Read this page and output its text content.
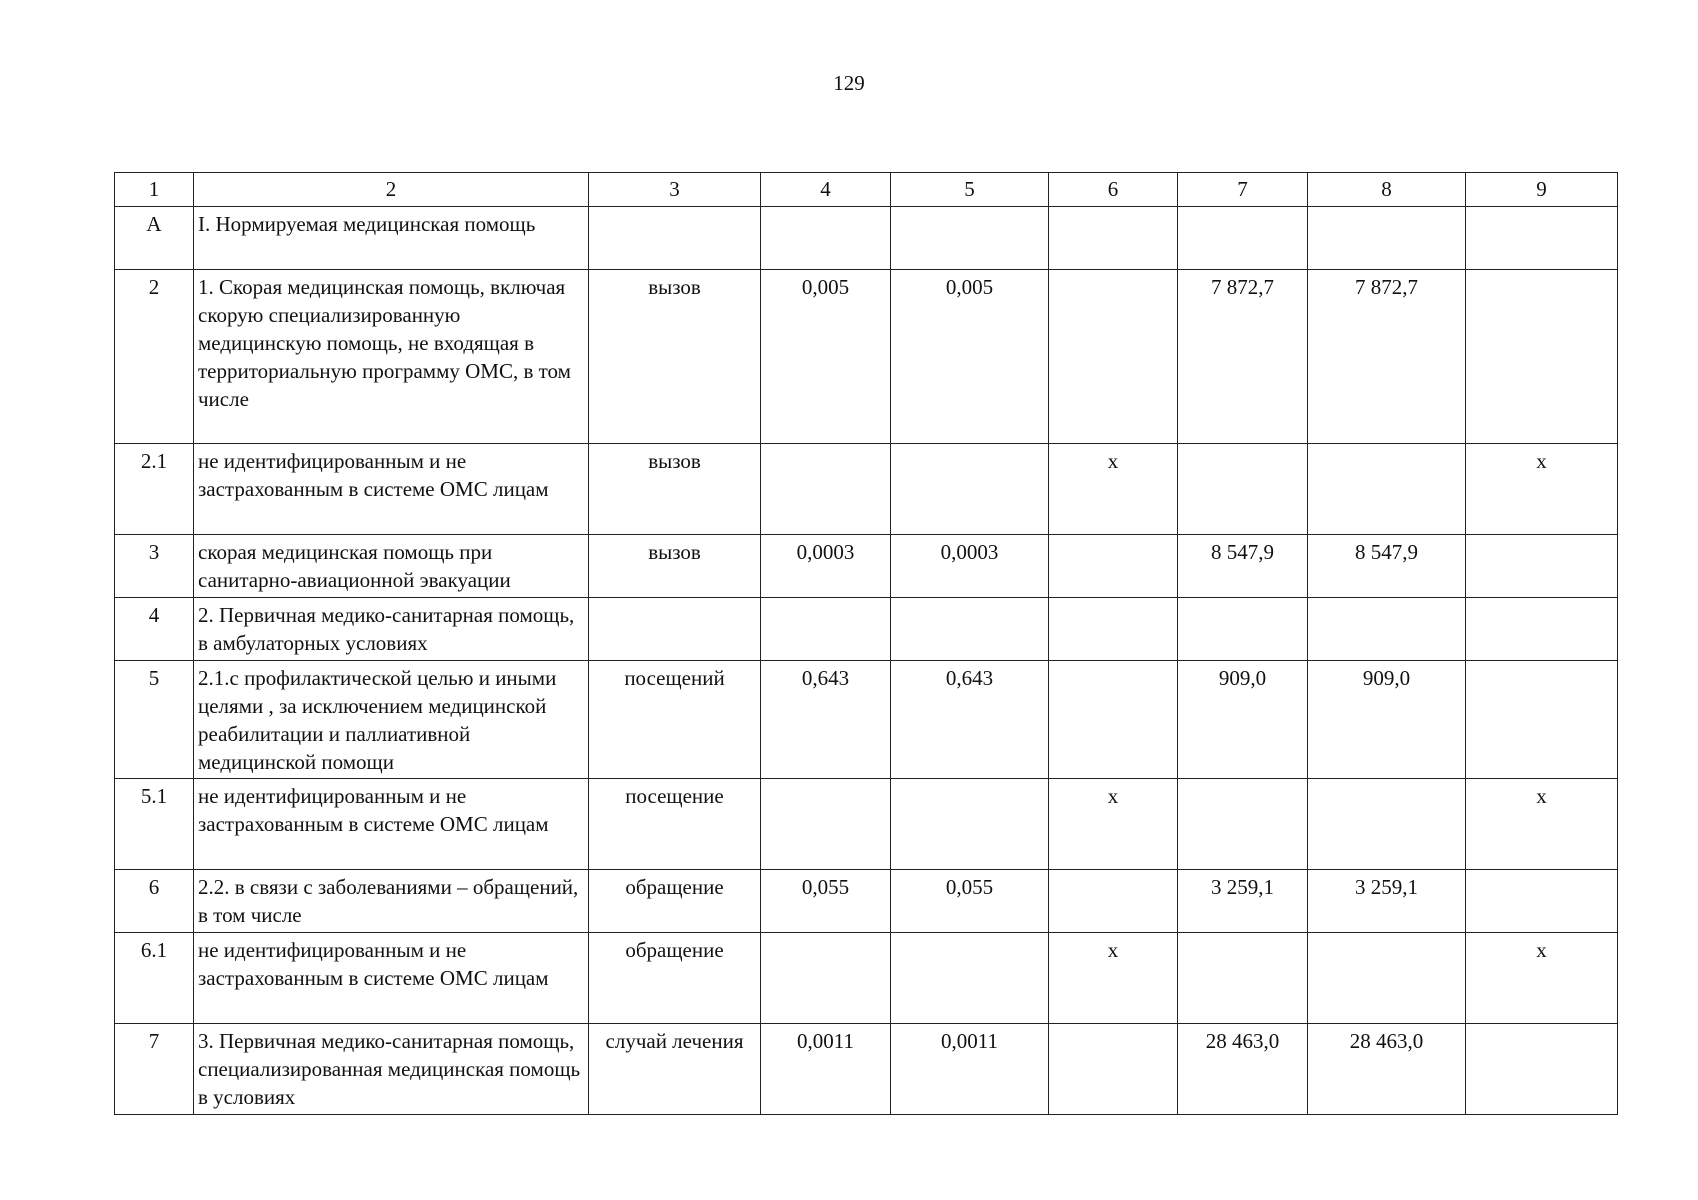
129
1	2	3	4	5	6	7	8	9
А	I. Нормируемая медицинская помощь							
2	1. Скорая медицинская помощь, включая скорую специализированную медицинскую помощь, не входящая в территориальную программу ОМС, в том числе	вызов	0,005	0,005		7 872,7	7 872,7	
2.1	не идентифицированным и не застрахованным в системе ОМС лицам	вызов			x			x
3	скорая медицинская помощь при санитарно-авиационной эвакуации	вызов	0,0003	0,0003		8 547,9	8 547,9	
4	2. Первичная медико-санитарная помощь, в амбулаторных условиях							
5	2.1.с профилактической целью и иными целями , за исключением медицинской реабилитации и паллиативной медицинской помощи	посещений	0,643	0,643		909,0	909,0	
5.1	не идентифицированным и не застрахованным в системе ОМС лицам	посещение			x			x
6	2.2. в связи с заболеваниями – обращений, в том числе	обращение	0,055	0,055		3 259,1	3 259,1	
6.1	не идентифицированным и не застрахованным в системе ОМС лицам	обращение			x			x
7	3. Первичная медико-санитарная помощь, специализированная медицинская помощь в условиях	случай лечения	0,0011	0,0011		28 463,0	28 463,0	
